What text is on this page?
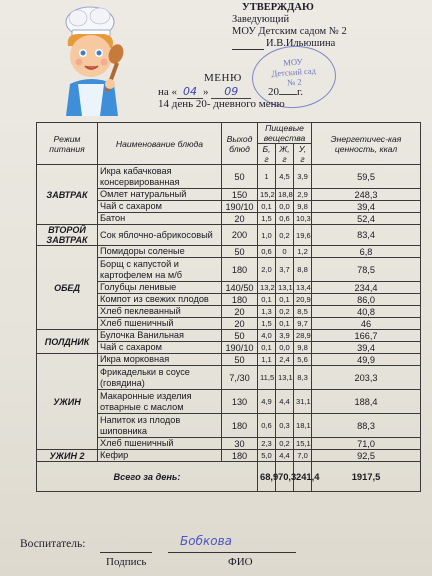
УТВЕРЖДАЮ
Заведующий
МОУ Детским садом № 2
И.В.Ильюшина
МОУ
Детский сад
№ 2
МЕНЮ
на « 04 » 09	20 г.
14 день 20- дневного меню
Режим питания	Наименование блюда	Выход блюд	Пищевые вещества			Энергетичес-кая ценность, ккал
			Б, г	Ж, г	У, г	
ЗАВТРАК	Икра кабачковая консервированная	50	1	4,5	3,9	59,5
	Омлет натуральный	150	15,2	18,8	2,9	248,3
	Чай с сахаром	190/10	0,1	0,0	9,8	39,4
	Батон	20	1,5	0,6	10,3	52,4
ВТОРОЙ ЗАВТРАК	Сок яблочно-абрикосовый	200	1,0	0,2	19,6	83,4
ОБЕД	Помидоры соленые	50	0,6	0	1,2	6,8
	Борщ с капустой и картофелем на м/б	180	2,0	3,7	8,8	78,5
	Голубцы ленивые	140/50	13,2	13,1	13,4	234,4
	Компот из свежих плодов	180	0,1	0,1	20,9	86,0
	Хлеб пеклеванный	20	1,3	0,2	8,5	40,8
	Хлеб пшеничный	20	1,5	0,1	9,7	46
ПОЛДНИК	Булочка Ванильная	50	4,0	3,9	28,9	166,7
	Чай с сахаром	190/10	0,1	0,0	9,8	39,4
УЖИН	Икра морковная	50	1,1	2,4	5,6	49,9
	Фрикадельки в соусе (говядина)	7,/30	11,5	13,1	8,3	203,3
	Макаронные изделия отварные с маслом	130	4,9	4,4	31,1	188,4
	Напиток из плодов шиповника	180	0,6	0,3	18,1	88,3
	Хлеб пшеничный	30	2,3	0,2	15,1	71,0
УЖИН 2	Кефир	180	5,0	4,4	7,0	92,5
Всего за день:			68,9	70,3	241,4	1917,5
Воспитатель:	Бобкова
Подпись	ФИО
